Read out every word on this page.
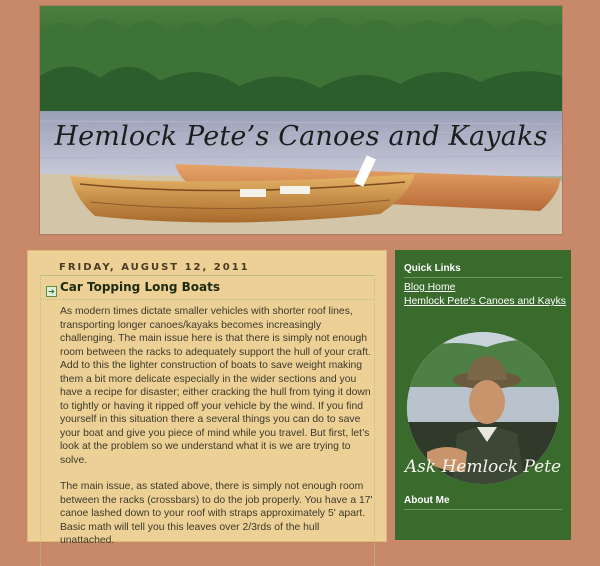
Hemlock Pete’s Canoes and Kayaks
FRIDAY, AUGUST 12, 2011
➔ Car Topping Long Boats

As modern times dictate smaller vehicles with shorter roof lines, transporting longer canoes/kayaks becomes increasingly challenging. The main issue here is that there is simply not enough room between the racks to adequately support the hull of your craft. Add to this the lighter construction of boats to save weight making them a bit more delicate especially in the wider sections and you have a recipe for disaster; either cracking the hull from tying it down to tightly or having it ripped off your vehicle by the wind. If you find yourself in this situation there a several things you can do to save your boat and give you piece of mind while you travel. But first, let’s look at the problem so we understand what it is we are trying to solve.

The main issue, as stated above, there is simply not enough room between the racks (crossbars) to do the job properly. You have a 17' canoe lashed down to your roof with straps approximately 5' apart. Basic math will tell you this leaves over 2/3rds of the hull unattached.

Quick Links
Blog Home
Hemlock Pete's Canoes and Kayks
Ask Hemlock Pete
About Me
